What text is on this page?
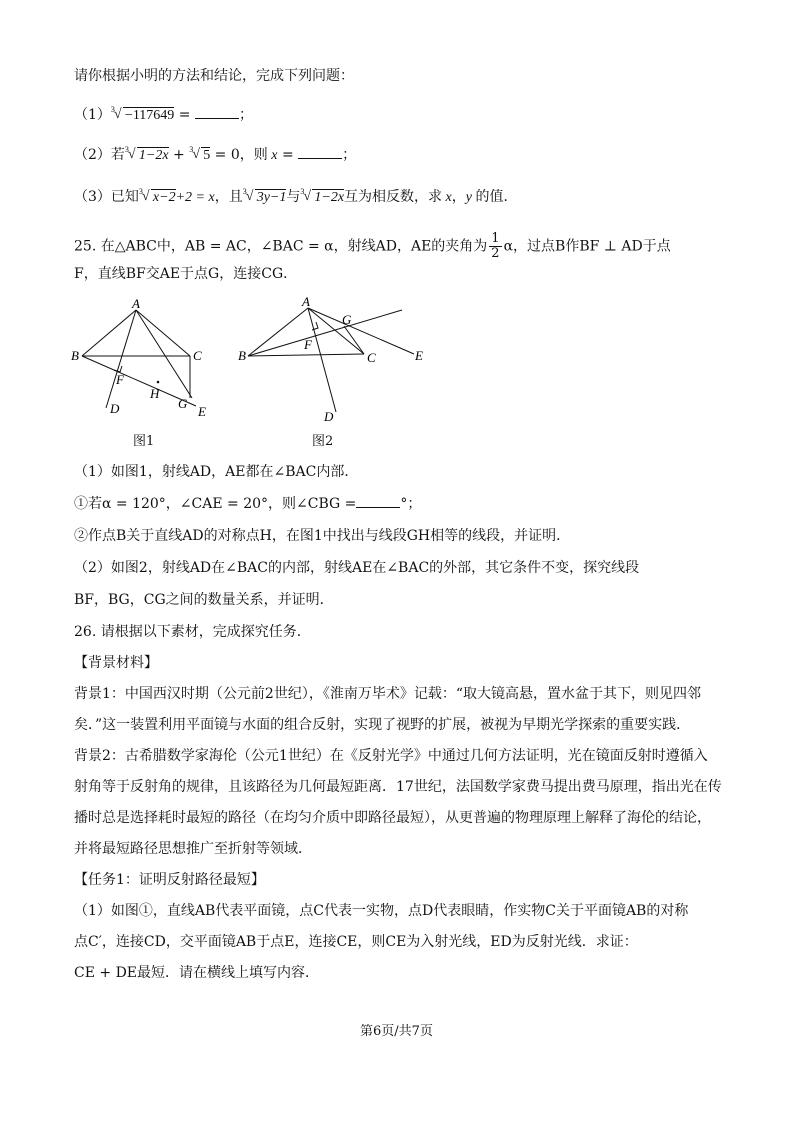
请你根据小明的方法和结论，完成下列问题：
（1） 3 √ −117649 =	；
（2）若 3 √ 1−2x + 3 √ 5 = 0，则 x =	；
（3）已知 3 √ x−2+2 = x，且 3 √ 3y−1与 3 √ 1−2x互为相反数，求 x，y 的值．
25. 在△ABC中，AB = AC，∠BAC = α，射线AD，AE的夹角为 $\frac{1}{2}$ α，过点B作BF ⊥ AD于点
F，直线BF交AE于点G，连接CG．
A
B	C
F
H
G
E
D
图1
A
B	C
F
G
E
D
图2
（1）如图1，射线AD，AE都在∠BAC内部．
①若α = 120°，∠CAE = 20°，则∠CBG =	°；
②作点B关于直线AD的对称点H，在图1中找出与线段GH相等的线段，并证明．
（2）如图2，射线AD在∠BAC的内部，射线AE在∠BAC的外部，其它条件不变，探究线段
BF，BG，CG之间的数量关系，并证明．
26. 请根据以下素材，完成探究任务．
【背景材料】
背景1：中国西汉时期（公元前2世纪），《淮南万毕术》记载：“取大镜高悬，置水盆于其下，则见四邻
矣．”这一装置利用平面镜与水面的组合反射，实现了视野的扩展，被视为早期光学探索的重要实践．
背景2：古希腊数学家海伦（公元1世纪）在《反射光学》中通过几何方法证明，光在镜面反射时遵循入
射角等于反射角的规律，且该路径为几何最短距离．17世纪，法国数学家费马提出费马原理，指出光在传
播时总是选择耗时最短的路径（在均匀介质中即路径最短），从更普遍的物理原理上解释了海伦的结论，
并将最短路径思想推广至折射等领域．
【任务1：证明反射路径最短】
（1）如图①，直线AB代表平面镜，点C代表一实物，点D代表眼睛，作实物C关于平面镜AB的对称
点C′，连接CD，交平面镜AB于点E，连接CE，则CE为入射光线，ED为反射光线．求证：
CE + DE最短．请在横线上填写内容．
第6页/共7页
